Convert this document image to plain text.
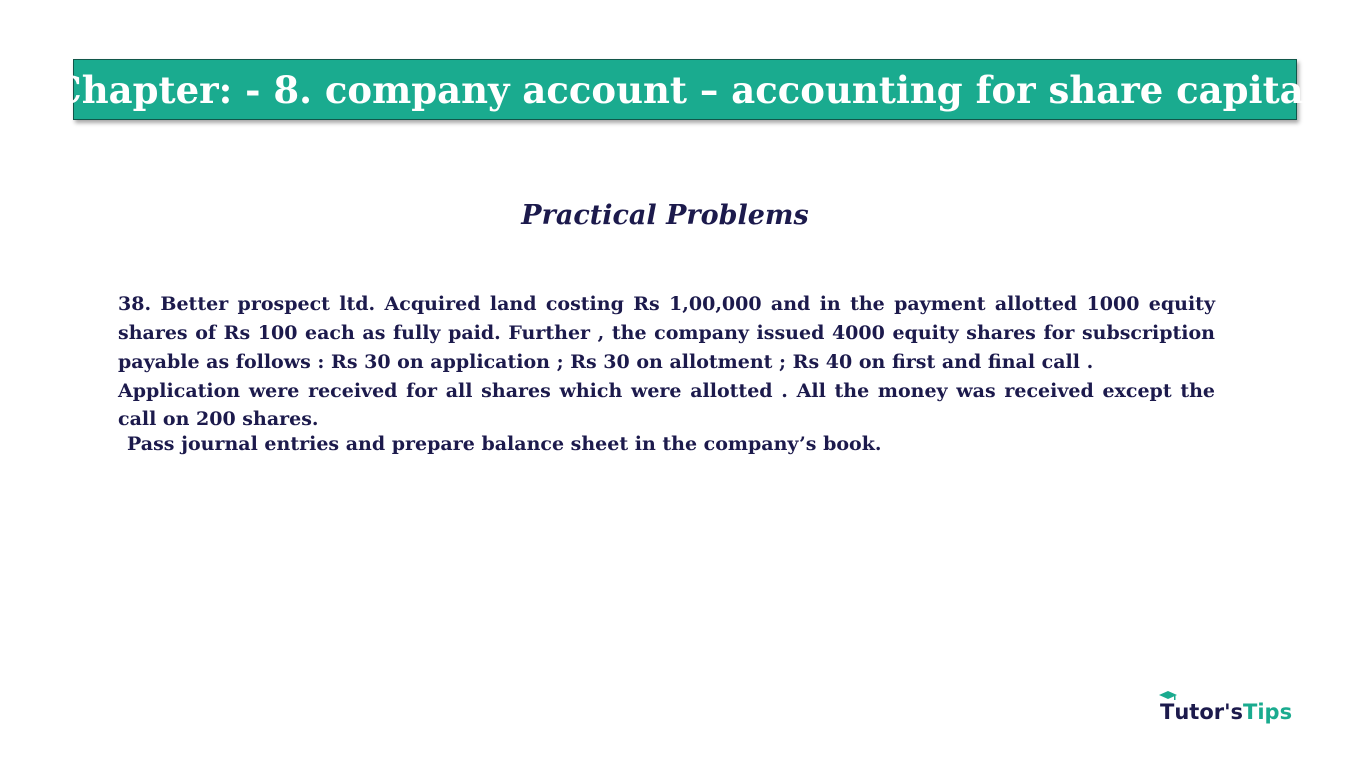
Chapter: - 8. company account – accounting for share capital
Practical Problems

38. Better prospect ltd. Acquired land costing Rs 1,00,000 and in the payment allotted 1000 equity shares of Rs 100 each as fully paid. Further , the company issued 4000 equity shares for subscription payable as follows : Rs 30 on application ; Rs 30 on allotment ; Rs 40 on first and final call .

Application were received for all shares which were allotted . All the money was received except the call on 200 shares.

Pass journal entries and prepare balance sheet in the company’s book.

T utor's Tips
